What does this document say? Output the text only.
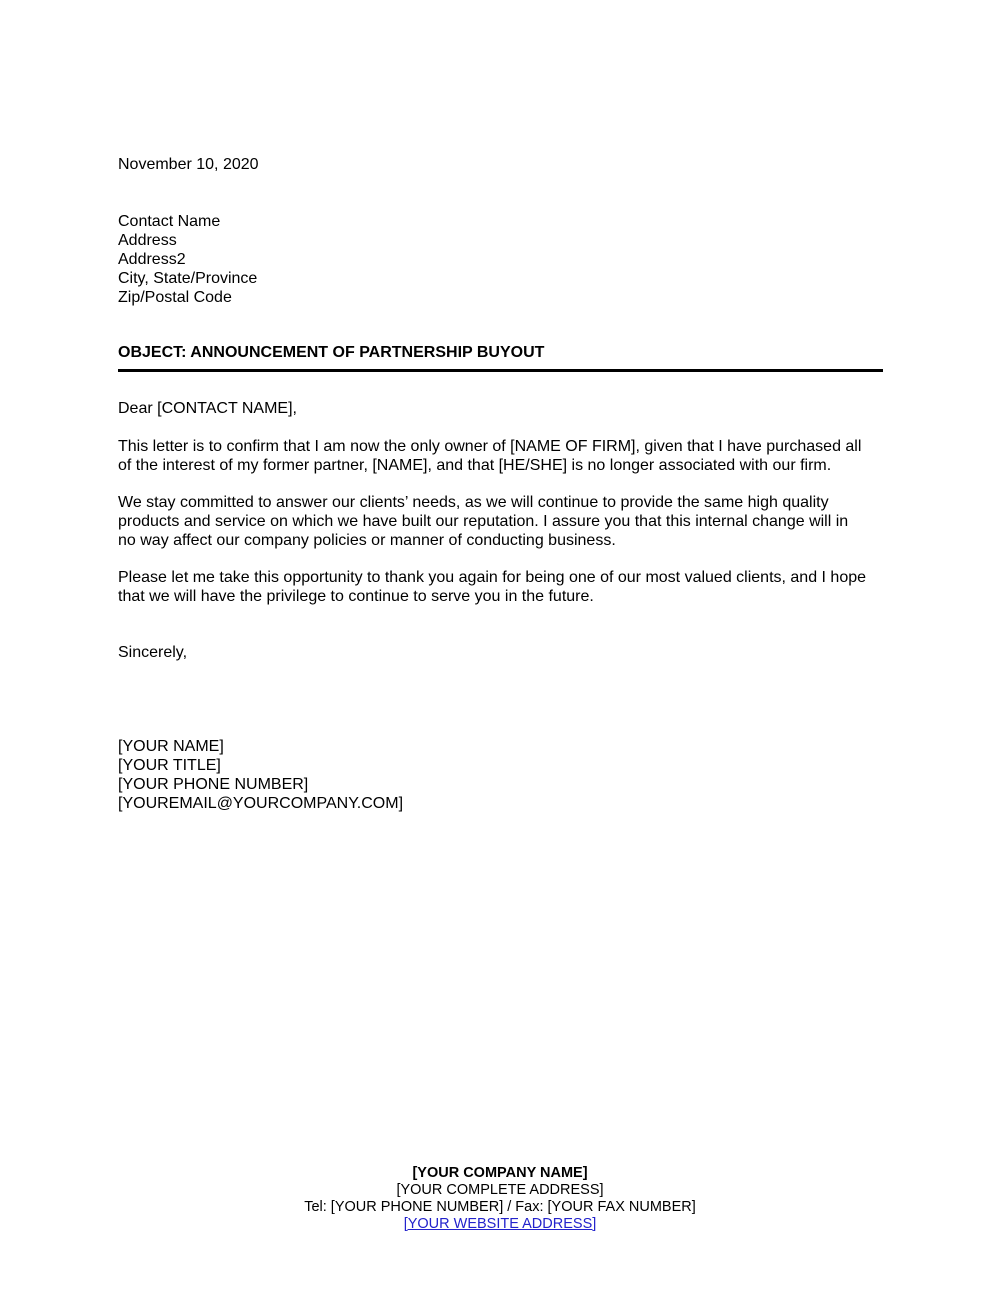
November 10, 2020
Contact Name
Address
Address2
City, State/Province
Zip/Postal Code
OBJECT: ANNOUNCEMENT OF PARTNERSHIP BUYOUT
Dear [CONTACT NAME],
This letter is to confirm that I am now the only owner of [NAME OF FIRM], given that I have purchased all
of the interest of my former partner, [NAME], and that [HE/SHE] is no longer associated with our firm.
We stay committed to answer our clients’ needs, as we will continue to provide the same high quality
products and service on which we have built our reputation. I assure you that this internal change will in
no way affect our company policies or manner of conducting business.
Please let me take this opportunity to thank you again for being one of our most valued clients, and I hope
that we will have the privilege to continue to serve you in the future.
Sincerely,
[YOUR NAME]
[YOUR TITLE]
[YOUR PHONE NUMBER]
[YOUREMAIL@YOURCOMPANY.COM]
[YOUR COMPANY NAME]
[YOUR COMPLETE ADDRESS]
Tel: [YOUR PHONE NUMBER] / Fax: [YOUR FAX NUMBER]
[YOUR WEBSITE ADDRESS]
